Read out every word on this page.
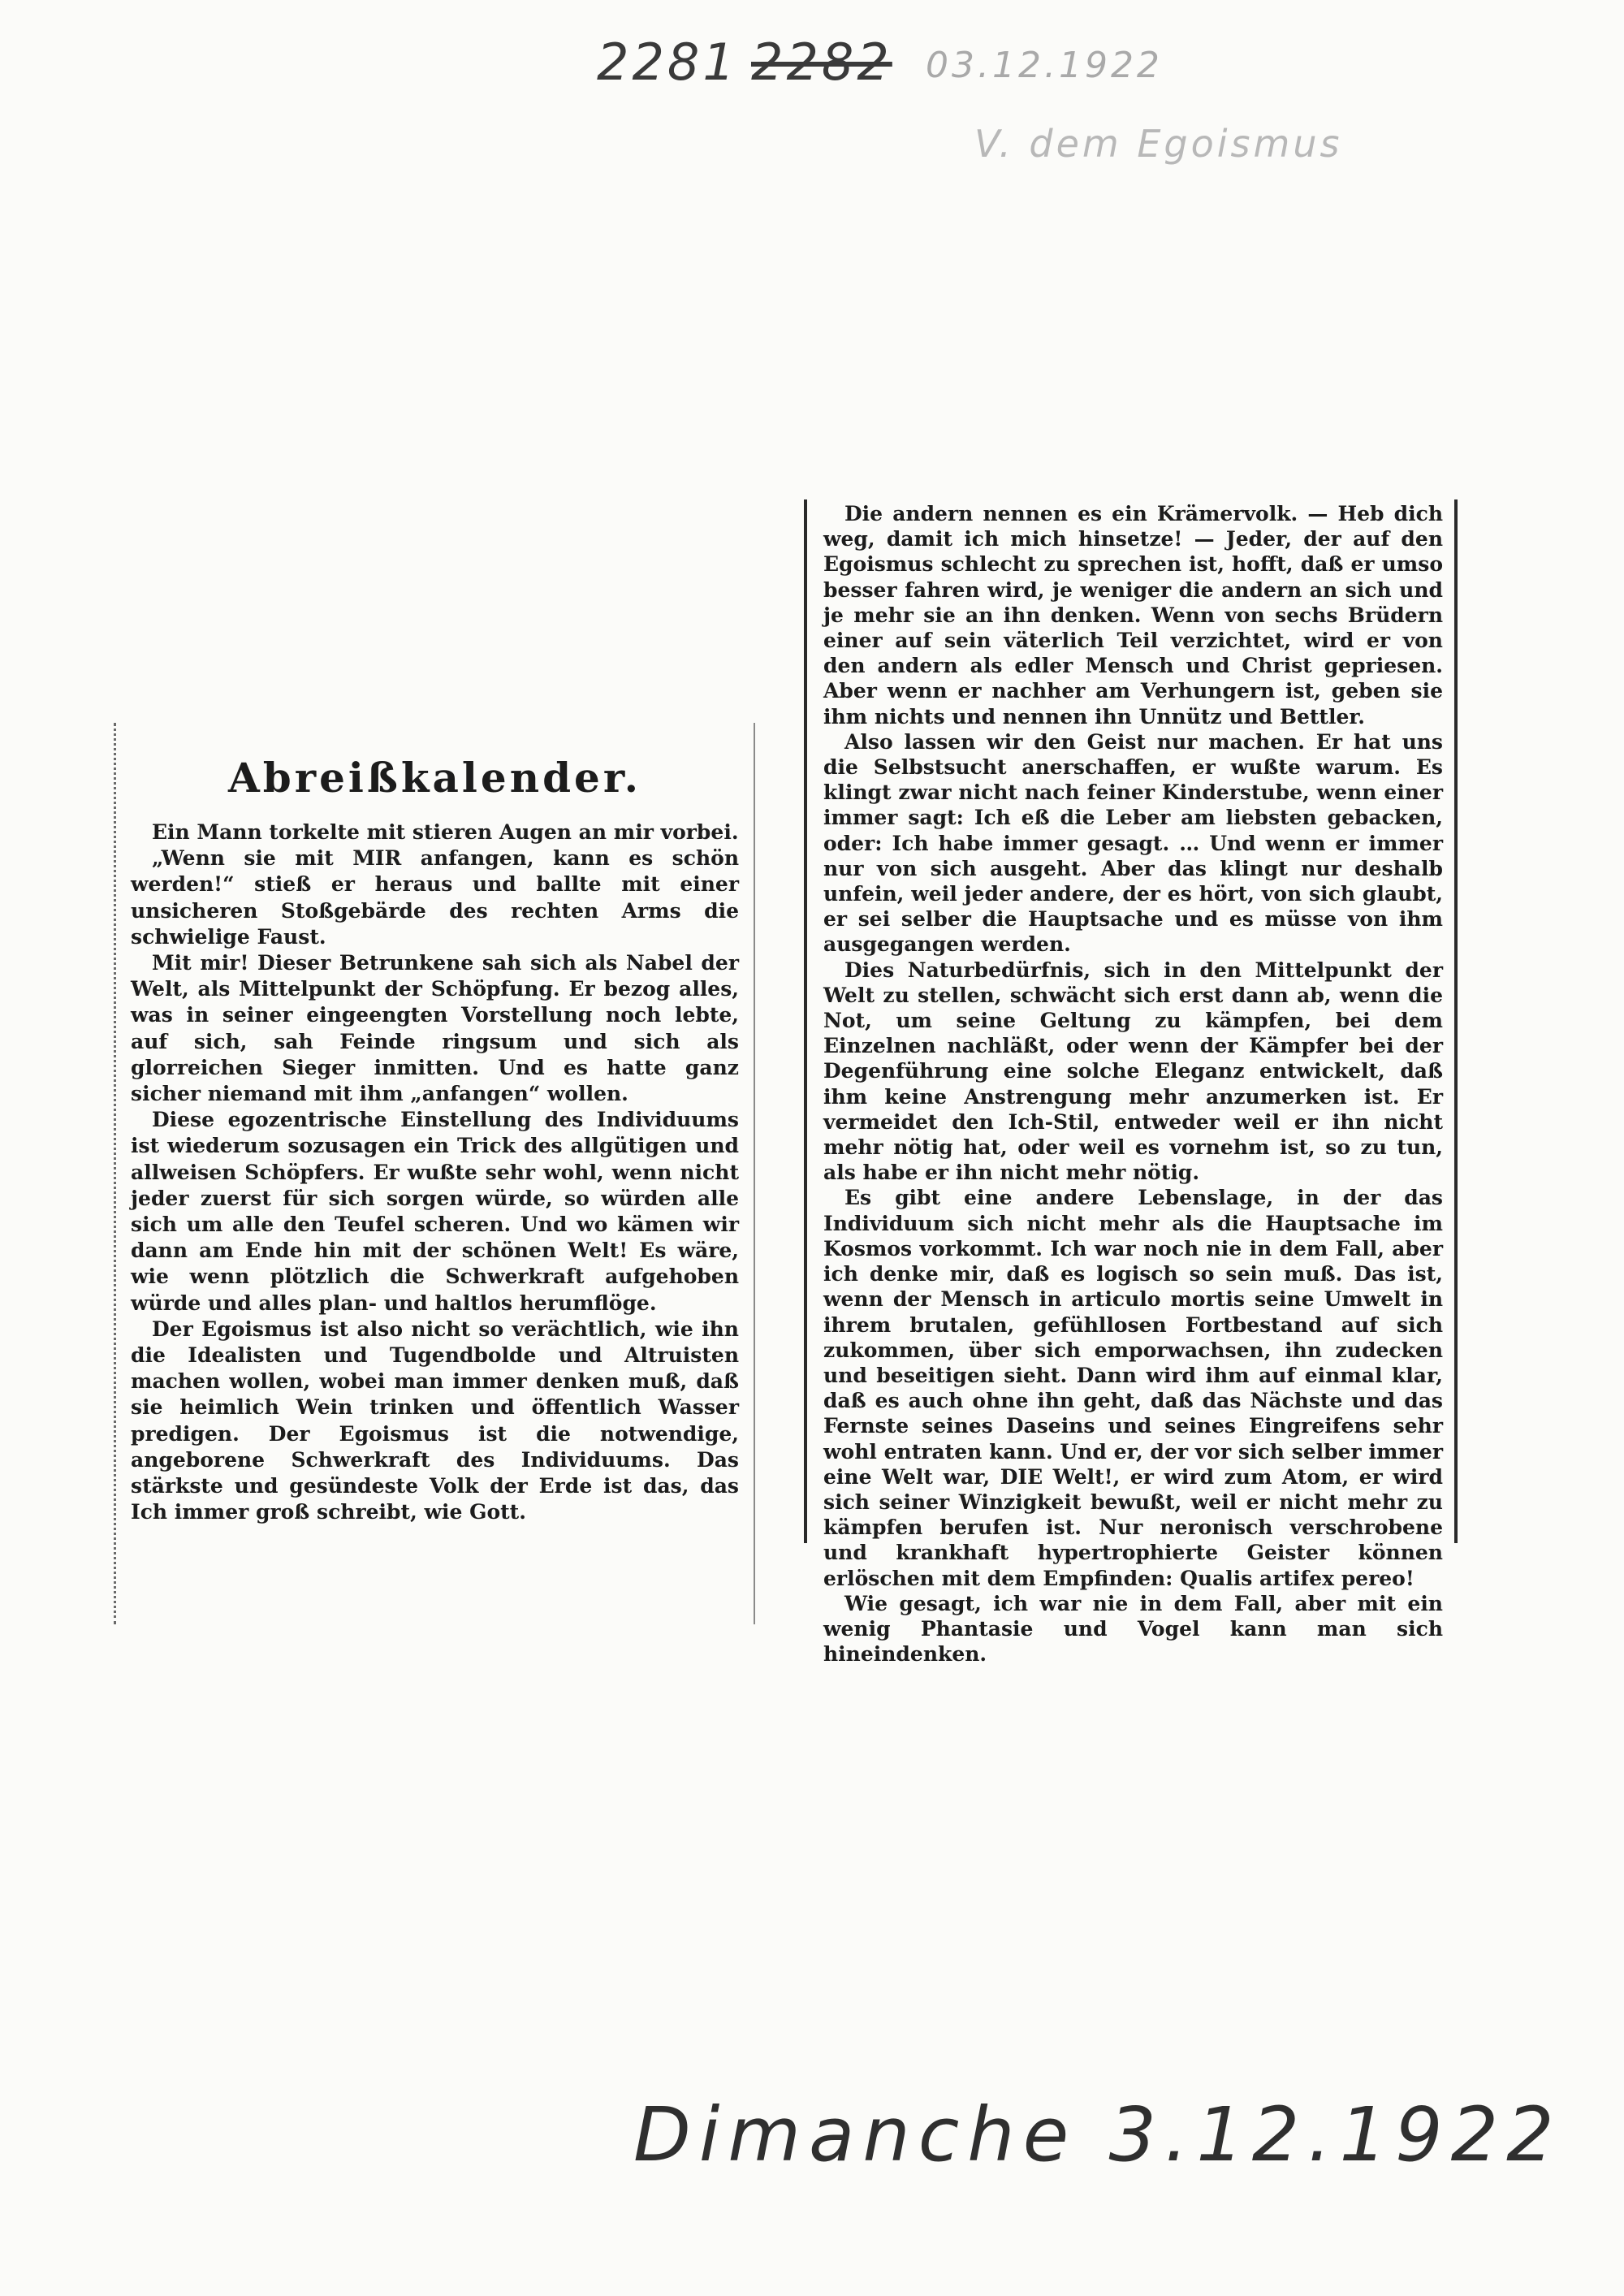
2281 2282 03.12.1922
V. dem Egoismus
Abreißkalender.

Ein Mann torkelte mit stieren Augen an mir vorbei.

„Wenn sie mit MIR anfangen, kann es schön werden!“ stieß er heraus und ballte mit einer unsicheren Stoßgebärde des rechten Arms die schwielige Faust.

Mit mir! Dieser Betrunkene sah sich als Nabel der Welt, als Mittelpunkt der Schöpfung. Er bezog alles, was in seiner eingeengten Vorstellung noch lebte, auf sich, sah Feinde ringsum und sich als glorreichen Sieger inmitten. Und es hatte ganz sicher niemand mit ihm „anfangen“ wollen.

Diese egozentrische Einstellung des Individuums ist wiederum sozusagen ein Trick des allgütigen und allweisen Schöpfers. Er wußte sehr wohl, wenn nicht jeder zuerst für sich sorgen würde, so würden alle sich um alle den Teufel scheren. Und wo kämen wir dann am Ende hin mit der schönen Welt! Es wäre, wie wenn plötzlich die Schwerkraft aufgehoben würde und alles plan- und haltlos herumflöge.

Der Egoismus ist also nicht so verächtlich, wie ihn die Idealisten und Tugendbolde und Altruisten machen wollen, wobei man immer denken muß, daß sie heimlich Wein trinken und öffentlich Wasser predigen. Der Egoismus ist die notwendige, angeborene Schwerkraft des Individuums. Das stärkste und gesündeste Volk der Erde ist das, das Ich immer groß schreibt, wie Gott.

Die andern nennen es ein Krämervolk. — Heb dich weg, damit ich mich hinsetze! — Jeder, der auf den Egoismus schlecht zu sprechen ist, hofft, daß er umso besser fahren wird, je weniger die andern an sich und je mehr sie an ihn denken. Wenn von sechs Brüdern einer auf sein väterlich Teil verzichtet, wird er von den andern als edler Mensch und Christ gepriesen. Aber wenn er nachher am Verhungern ist, geben sie ihm nichts und nennen ihn Unnütz und Bettler.

Also lassen wir den Geist nur machen. Er hat uns die Selbstsucht anerschaffen, er wußte warum. Es klingt zwar nicht nach feiner Kinderstube, wenn einer immer sagt: Ich eß die Leber am liebsten gebacken, oder: Ich habe immer gesagt. … Und wenn er immer nur von sich ausgeht. Aber das klingt nur deshalb unfein, weil jeder andere, der es hört, von sich glaubt, er sei selber die Hauptsache und es müsse von ihm ausgegangen werden.

Dies Naturbedürfnis, sich in den Mittelpunkt der Welt zu stellen, schwächt sich erst dann ab, wenn die Not, um seine Geltung zu kämpfen, bei dem Einzelnen nachläßt, oder wenn der Kämpfer bei der Degenführung eine solche Eleganz entwickelt, daß ihm keine Anstrengung mehr anzumerken ist. Er vermeidet den Ich-Stil, entweder weil er ihn nicht mehr nötig hat, oder weil es vornehm ist, so zu tun, als habe er ihn nicht mehr nötig.

Es gibt eine andere Lebenslage, in der das Individuum sich nicht mehr als die Hauptsache im Kosmos vorkommt. Ich war noch nie in dem Fall, aber ich denke mir, daß es logisch so sein muß. Das ist, wenn der Mensch in articulo mortis seine Umwelt in ihrem brutalen, gefühllosen Fortbestand auf sich zukommen, über sich emporwachsen, ihn zudecken und beseitigen sieht. Dann wird ihm auf einmal klar, daß es auch ohne ihn geht, daß das Nächste und das Fernste seines Daseins und seines Eingreifens sehr wohl entraten kann. Und er, der vor sich selber immer eine Welt war, DIE Welt!, er wird zum Atom, er wird sich seiner Winzigkeit bewußt, weil er nicht mehr zu kämpfen berufen ist. Nur neronisch verschrobene und krankhaft hypertrophierte Geister können erlöschen mit dem Empfinden: Qualis artifex pereo!

Wie gesagt, ich war nie in dem Fall, aber mit ein wenig Phantasie und Vogel kann man sich hineindenken.

Dimanche 3.12.1922
